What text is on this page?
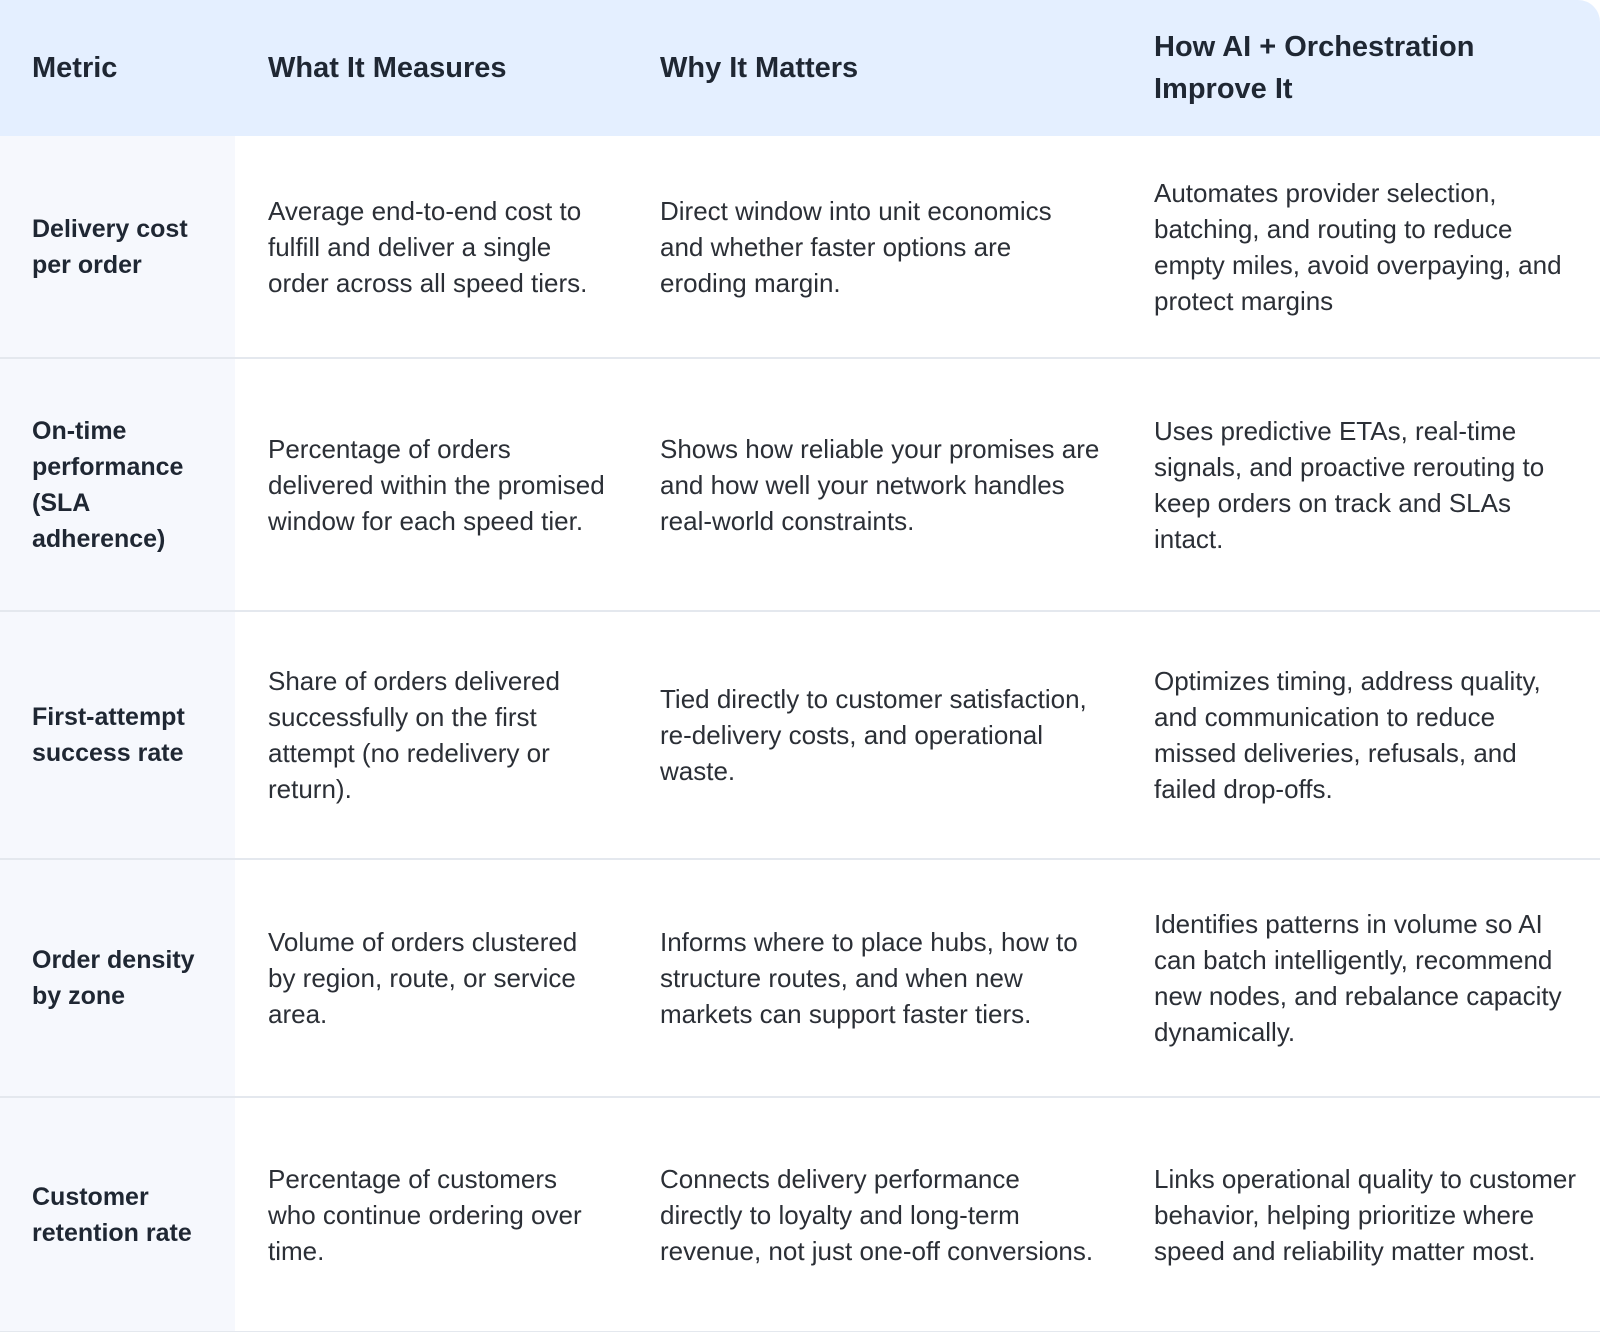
Metric	What It Measures	Why It Matters
How AI + Orchestration Improve It
Delivery cost per order
Average end-to-end cost to fulfill and deliver a single order across all speed tiers.
Direct window into unit economics and whether faster options are eroding margin.
Automates provider selection, batching, and routing to reduce empty miles, avoid overpaying, and protect margins
On-time performance (SLA adherence)
Percentage of orders delivered within the promised window for each speed tier.
Shows how reliable your promises are and how well your network handles real-world constraints.
Uses predictive ETAs, real-time signals, and proactive rerouting to keep orders on track and SLAs intact.
First-attempt success rate
Share of orders delivered successfully on the first attempt (no redelivery or return).
Tied directly to customer satisfaction, re-delivery costs, and operational waste.
Optimizes timing, address quality, and communication to reduce missed deliveries, refusals, and failed drop-offs.
Order density by zone
Volume of orders clustered by region, route, or service area.
Informs where to place hubs, how to structure routes, and when new markets can support faster tiers.
Identifies patterns in volume so AI can batch intelligently, recommend new nodes, and rebalance capacity dynamically.
Customer retention rate
Percentage of customers who continue ordering over time.
Connects delivery performance directly to loyalty and long-term revenue, not just one-off conversions.
Links operational quality to customer behavior, helping prioritize where speed and reliability matter most.
